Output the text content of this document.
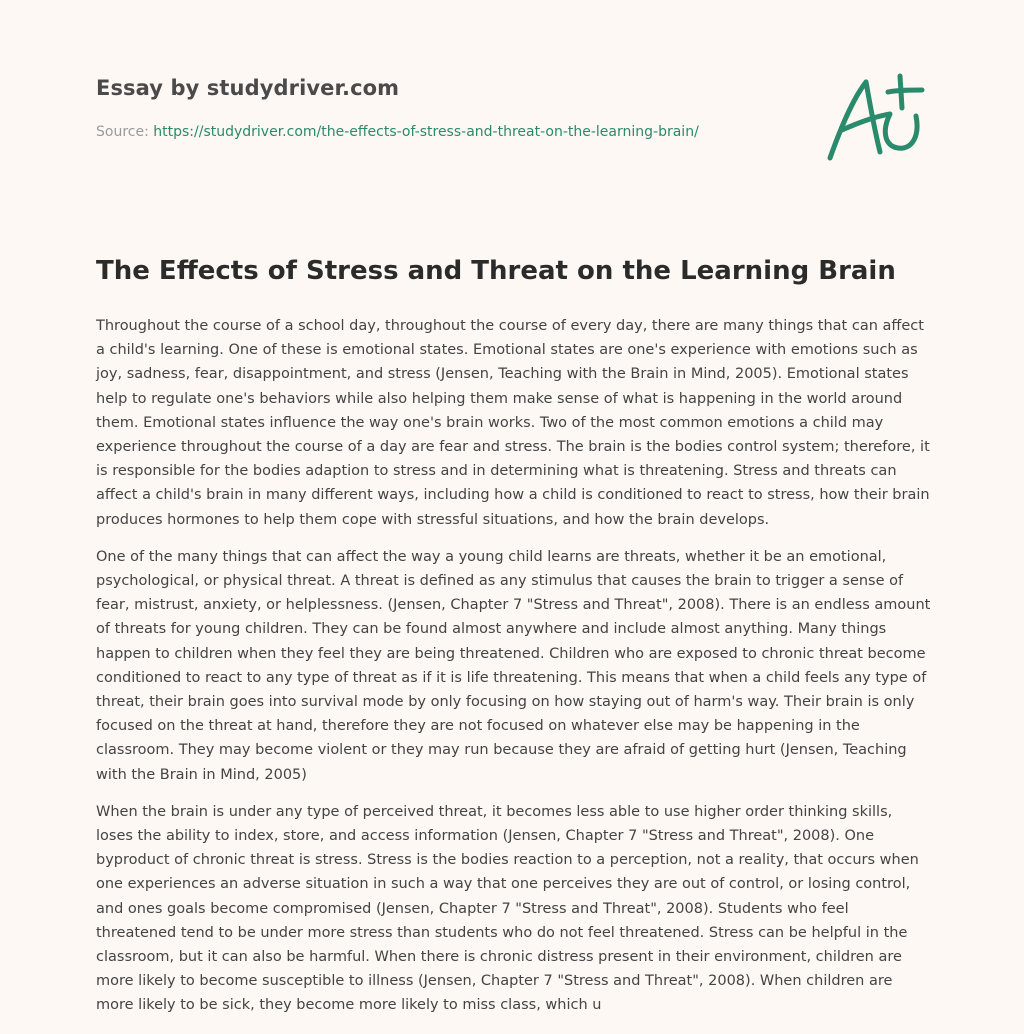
Essay by studydriver.com
Source: https://studydriver.com/the-effects-of-stress-and-threat-on-the-learning-brain/
The Effects of Stress and Threat on the Learning Brain

Throughout the course of a school day, throughout the course of every day, there are many things that can affect a child's learning. One of these is emotional states. Emotional states are one's experience with emotions such as joy, sadness, fear, disappointment, and stress (Jensen, Teaching with the Brain in Mind, 2005). Emotional states help to regulate one's behaviors while also helping them make sense of what is happening in the world around them. Emotional states influence the way one's brain works. Two of the most common emotions a child may experience throughout the course of a day are fear and stress. The brain is the bodies control system; therefore, it is responsible for the bodies adaption to stress and in determining what is threatening. Stress and threats can affect a child's brain in many different ways, including how a child is conditioned to react to stress, how their brain produces hormones to help them cope with stressful situations, and how the brain develops.

One of the many things that can affect the way a young child learns are threats, whether it be an emotional, psychological, or physical threat. A threat is defined as any stimulus that causes the brain to trigger a sense of fear, mistrust, anxiety, or helplessness. (Jensen, Chapter 7 "Stress and Threat", 2008). There is an endless amount of threats for young children. They can be found almost anywhere and include almost anything. Many things happen to children when they feel they are being threatened. Children who are exposed to chronic threat become conditioned to react to any type of threat as if it is life threatening. This means that when a child feels any type of threat, their brain goes into survival mode by only focusing on how staying out of harm's way. Their brain is only focused on the threat at hand, therefore they are not focused on whatever else may be happening in the classroom. They may become violent or they may run because they are afraid of getting hurt (Jensen, Teaching with the Brain in Mind, 2005)

When the brain is under any type of perceived threat, it becomes less able to use higher order thinking skills, loses the ability to index, store, and access information (Jensen, Chapter 7 "Stress and Threat", 2008). One byproduct of chronic threat is stress. Stress is the bodies reaction to a perception, not a reality, that occurs when one experiences an adverse situation in such a way that one perceives they are out of control, or losing control, and ones goals become compromised (Jensen, Chapter 7 "Stress and Threat", 2008). Students who feel threatened tend to be under more stress than students who do not feel threatened. Stress can be helpful in the classroom, but it can also be harmful. When there is chronic distress present in their environment, children are more likely to become susceptible to illness (Jensen, Chapter 7 "Stress and Threat", 2008). When children are more likely to be sick, they become more likely to miss class, which u
